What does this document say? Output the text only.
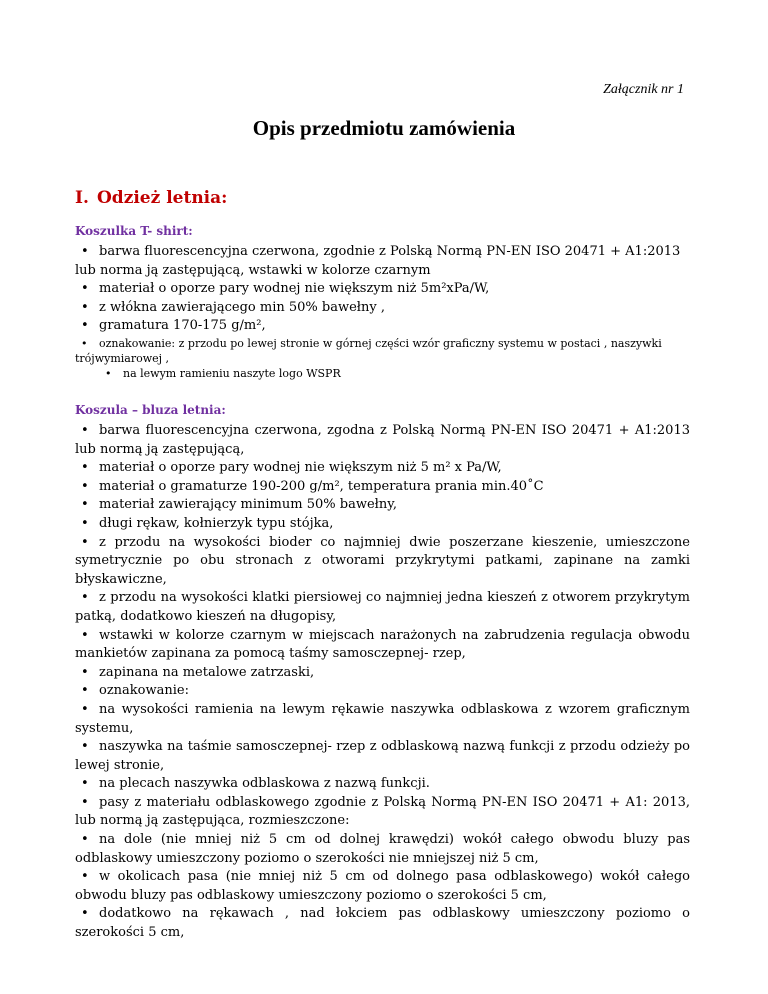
Załącznik nr 1
Opis przedmiotu zamówienia
I. Odzież letnia:
Koszulka T- shirt:
• barwa fluorescencyjna czerwona, zgodnie z Polską Normą PN-EN ISO 20471 + A1:2013 lub norma ją zastępującą, wstawki w kolorze czarnym
• materiał o oporze pary wodnej nie większym niż 5m²xPa/W,
• z włókna zawierającego min 50% bawełny ,
• gramatura 170-175 g/m²,
• oznakowanie: z przodu po lewej stronie w górnej części wzór graficzny systemu w postaci , naszywki trójwymiarowej ,
• na lewym ramieniu naszyte logo WSPR
Koszula – bluza letnia:
• barwa fluorescencyjna czerwona, zgodna z Polską Normą PN-EN ISO 20471 + A1:2013 lub normą ją zastępującą,
• materiał o oporze pary wodnej nie większym niż 5 m² x Pa/W,
• materiał o gramaturze 190-200 g/m², temperatura prania min.40˚C
• materiał zawierający minimum 50% bawełny,
• długi rękaw, kołnierzyk typu stójka,
• z przodu na wysokości bioder co najmniej dwie poszerzane kieszenie, umieszczone symetrycznie po obu stronach z otworami przykrytymi patkami, zapinane na zamki błyskawiczne,
• z przodu na wysokości klatki piersiowej co najmniej jedna kieszeń z otworem przykrytym patką, dodatkowo kieszeń na długopisy,
• wstawki w kolorze czarnym w miejscach narażonych na zabrudzenia regulacja obwodu mankietów zapinana za pomocą taśmy samosczepnej- rzep,
• zapinana na metalowe zatrzaski,
• oznakowanie:
• na wysokości ramienia na lewym rękawie naszywka odblaskowa z wzorem graficznym systemu,
• naszywka na taśmie samosczepnej- rzep z odblaskową nazwą funkcji z przodu odzieży po lewej stronie,
• na plecach naszywka odblaskowa z nazwą funkcji.
• pasy z materiału odblaskowego zgodnie z Polską Normą PN-EN ISO 20471 + A1: 2013, lub normą ją zastępująca, rozmieszczone:
• na dole (nie mniej niż 5 cm od dolnej krawędzi) wokół całego obwodu bluzy pas odblaskowy umieszczony poziomo o szerokości nie mniejszej niż 5 cm,
• w okolicach pasa (nie mniej niż 5 cm od dolnego pasa odblaskowego) wokół całego obwodu bluzy pas odblaskowy umieszczony poziomo o szerokości 5 cm,
• dodatkowo na rękawach , nad łokciem pas odblaskowy umieszczony poziomo o szerokości 5 cm,
